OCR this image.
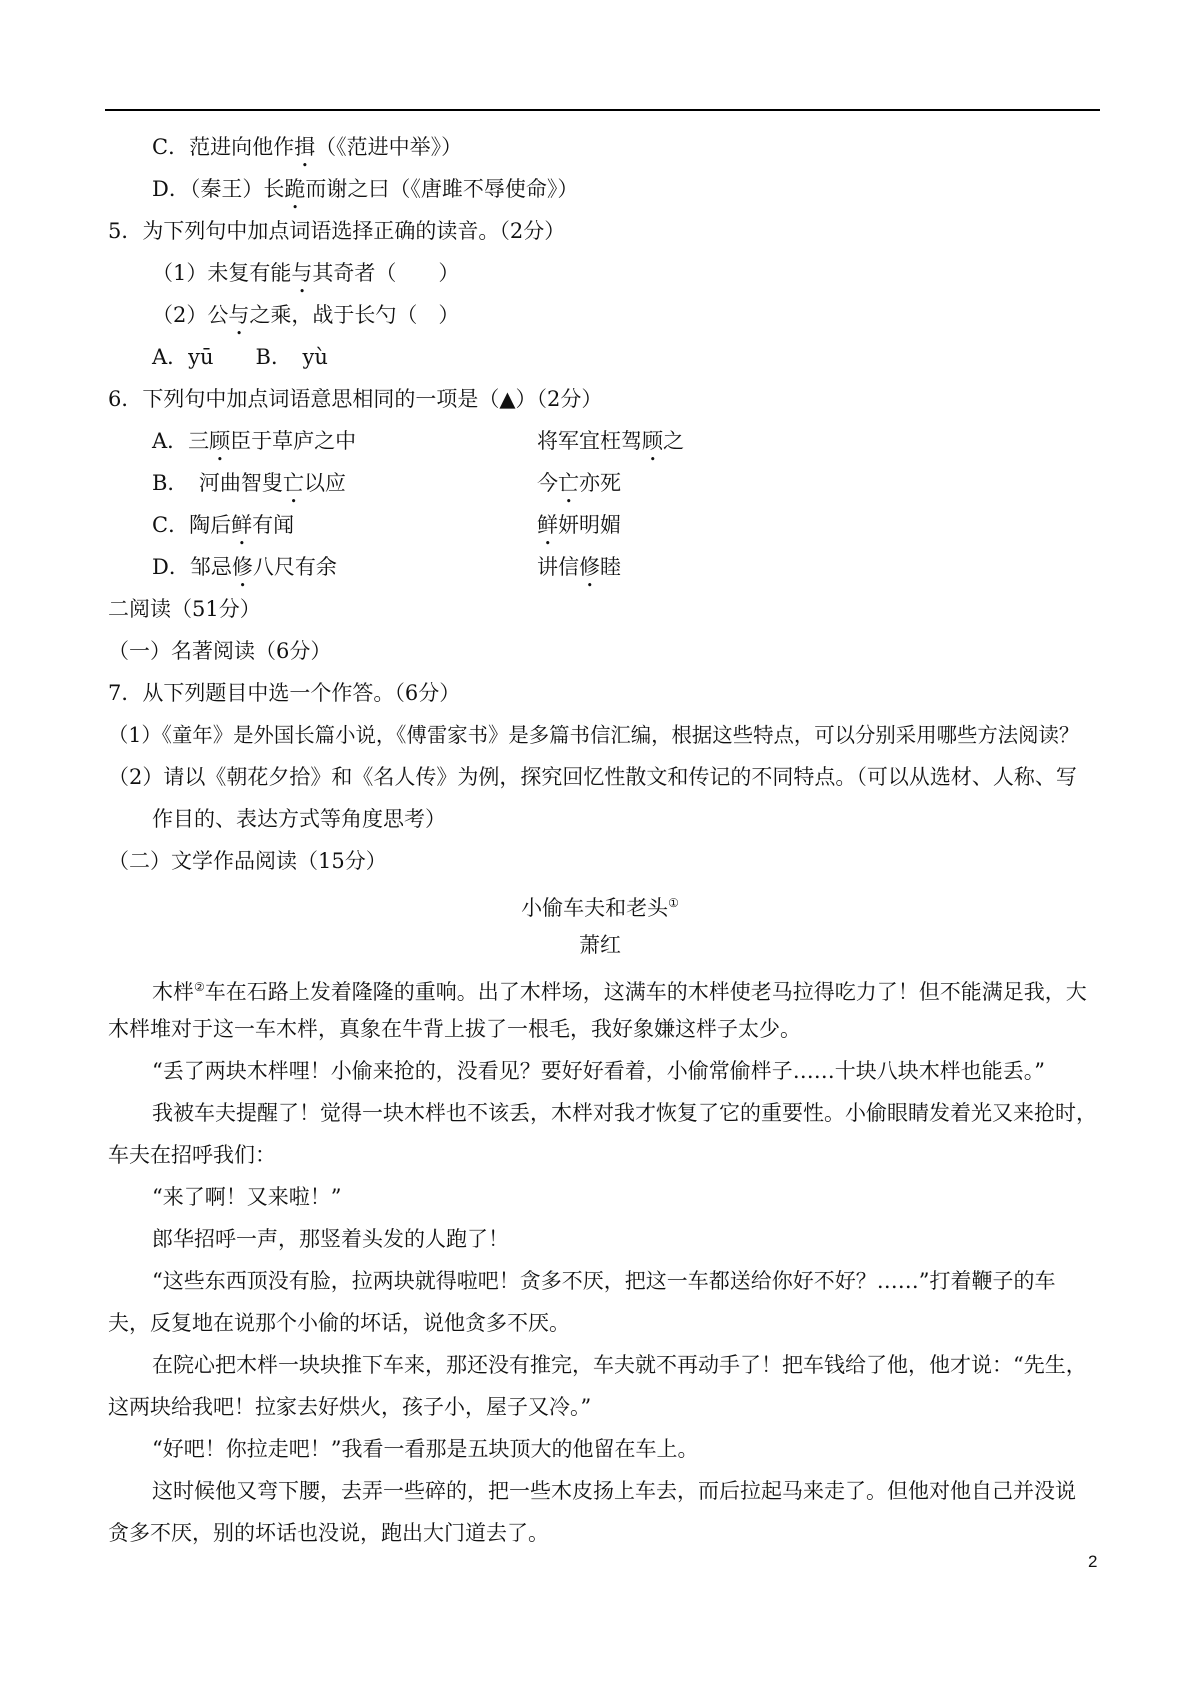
C．范进向他作揖（《范进中举》）
D．（秦王）长跪而谢之曰（《唐雎不辱使命》）
5．为下列句中加点词语选择正确的读音。（2分）
（1）未复有能与其奇者（　　）
（2）公与之乘，战于长勺（　）
A．yū　　B．　yù
6．下列句中加点词语意思相同的一项是（▲）（2分）
A．三顾臣于草庐之中	将军宜枉驾顾之
B．　河曲智叟亡以应	今亡亦死
C．陶后鲜有闻	鲜妍明媚
D．邹忌修八尺有余	讲信修睦
二阅读（51分）
（一）名著阅读（6分）
7．从下列题目中选一个作答。（6分）
（1）《童年》是外国长篇小说，《傅雷家书》是多篇书信汇编，根据这些特点，可以分别采用哪些方法阅读？
（2）请以《朝花夕拾》和《名人传》为例，探究回忆性散文和传记的不同特点。（可以从选材、人称、写
作目的、表达方式等角度思考）
（二）文学作品阅读（15分）
小偷车夫和老头①
萧红
木柈②车在石路上发着隆隆的重响。出了木柈场，这满车的木柈使老马拉得吃力了！但不能满足我，大
木柈堆对于这一车木柈，真象在牛背上拔了一根毛，我好象嫌这柈子太少。
“丢了两块木柈哩！小偷来抢的，没看见？要好好看着，小偷常偷柈子……十块八块木柈也能丢。”
我被车夫提醒了！觉得一块木柈也不该丢，木柈对我才恢复了它的重要性。小偷眼睛发着光又来抢时，
车夫在招呼我们：
“来了啊！又来啦！”
郎华招呼一声，那竖着头发的人跑了！
“这些东西顶没有脸，拉两块就得啦吧！贪多不厌，把这一车都送给你好不好？……”打着鞭子的车
夫，反复地在说那个小偷的坏话，说他贪多不厌。
在院心把木柈一块块推下车来，那还没有推完，车夫就不再动手了！把车钱给了他，他才说：“先生，
这两块给我吧！拉家去好烘火，孩子小，屋子又冷。”
“好吧！你拉走吧！”我看一看那是五块顶大的他留在车上。
这时候他又弯下腰，去弄一些碎的，把一些木皮扬上车去，而后拉起马来走了。但他对他自己并没说
贪多不厌，别的坏话也没说，跑出大门道去了。
2
